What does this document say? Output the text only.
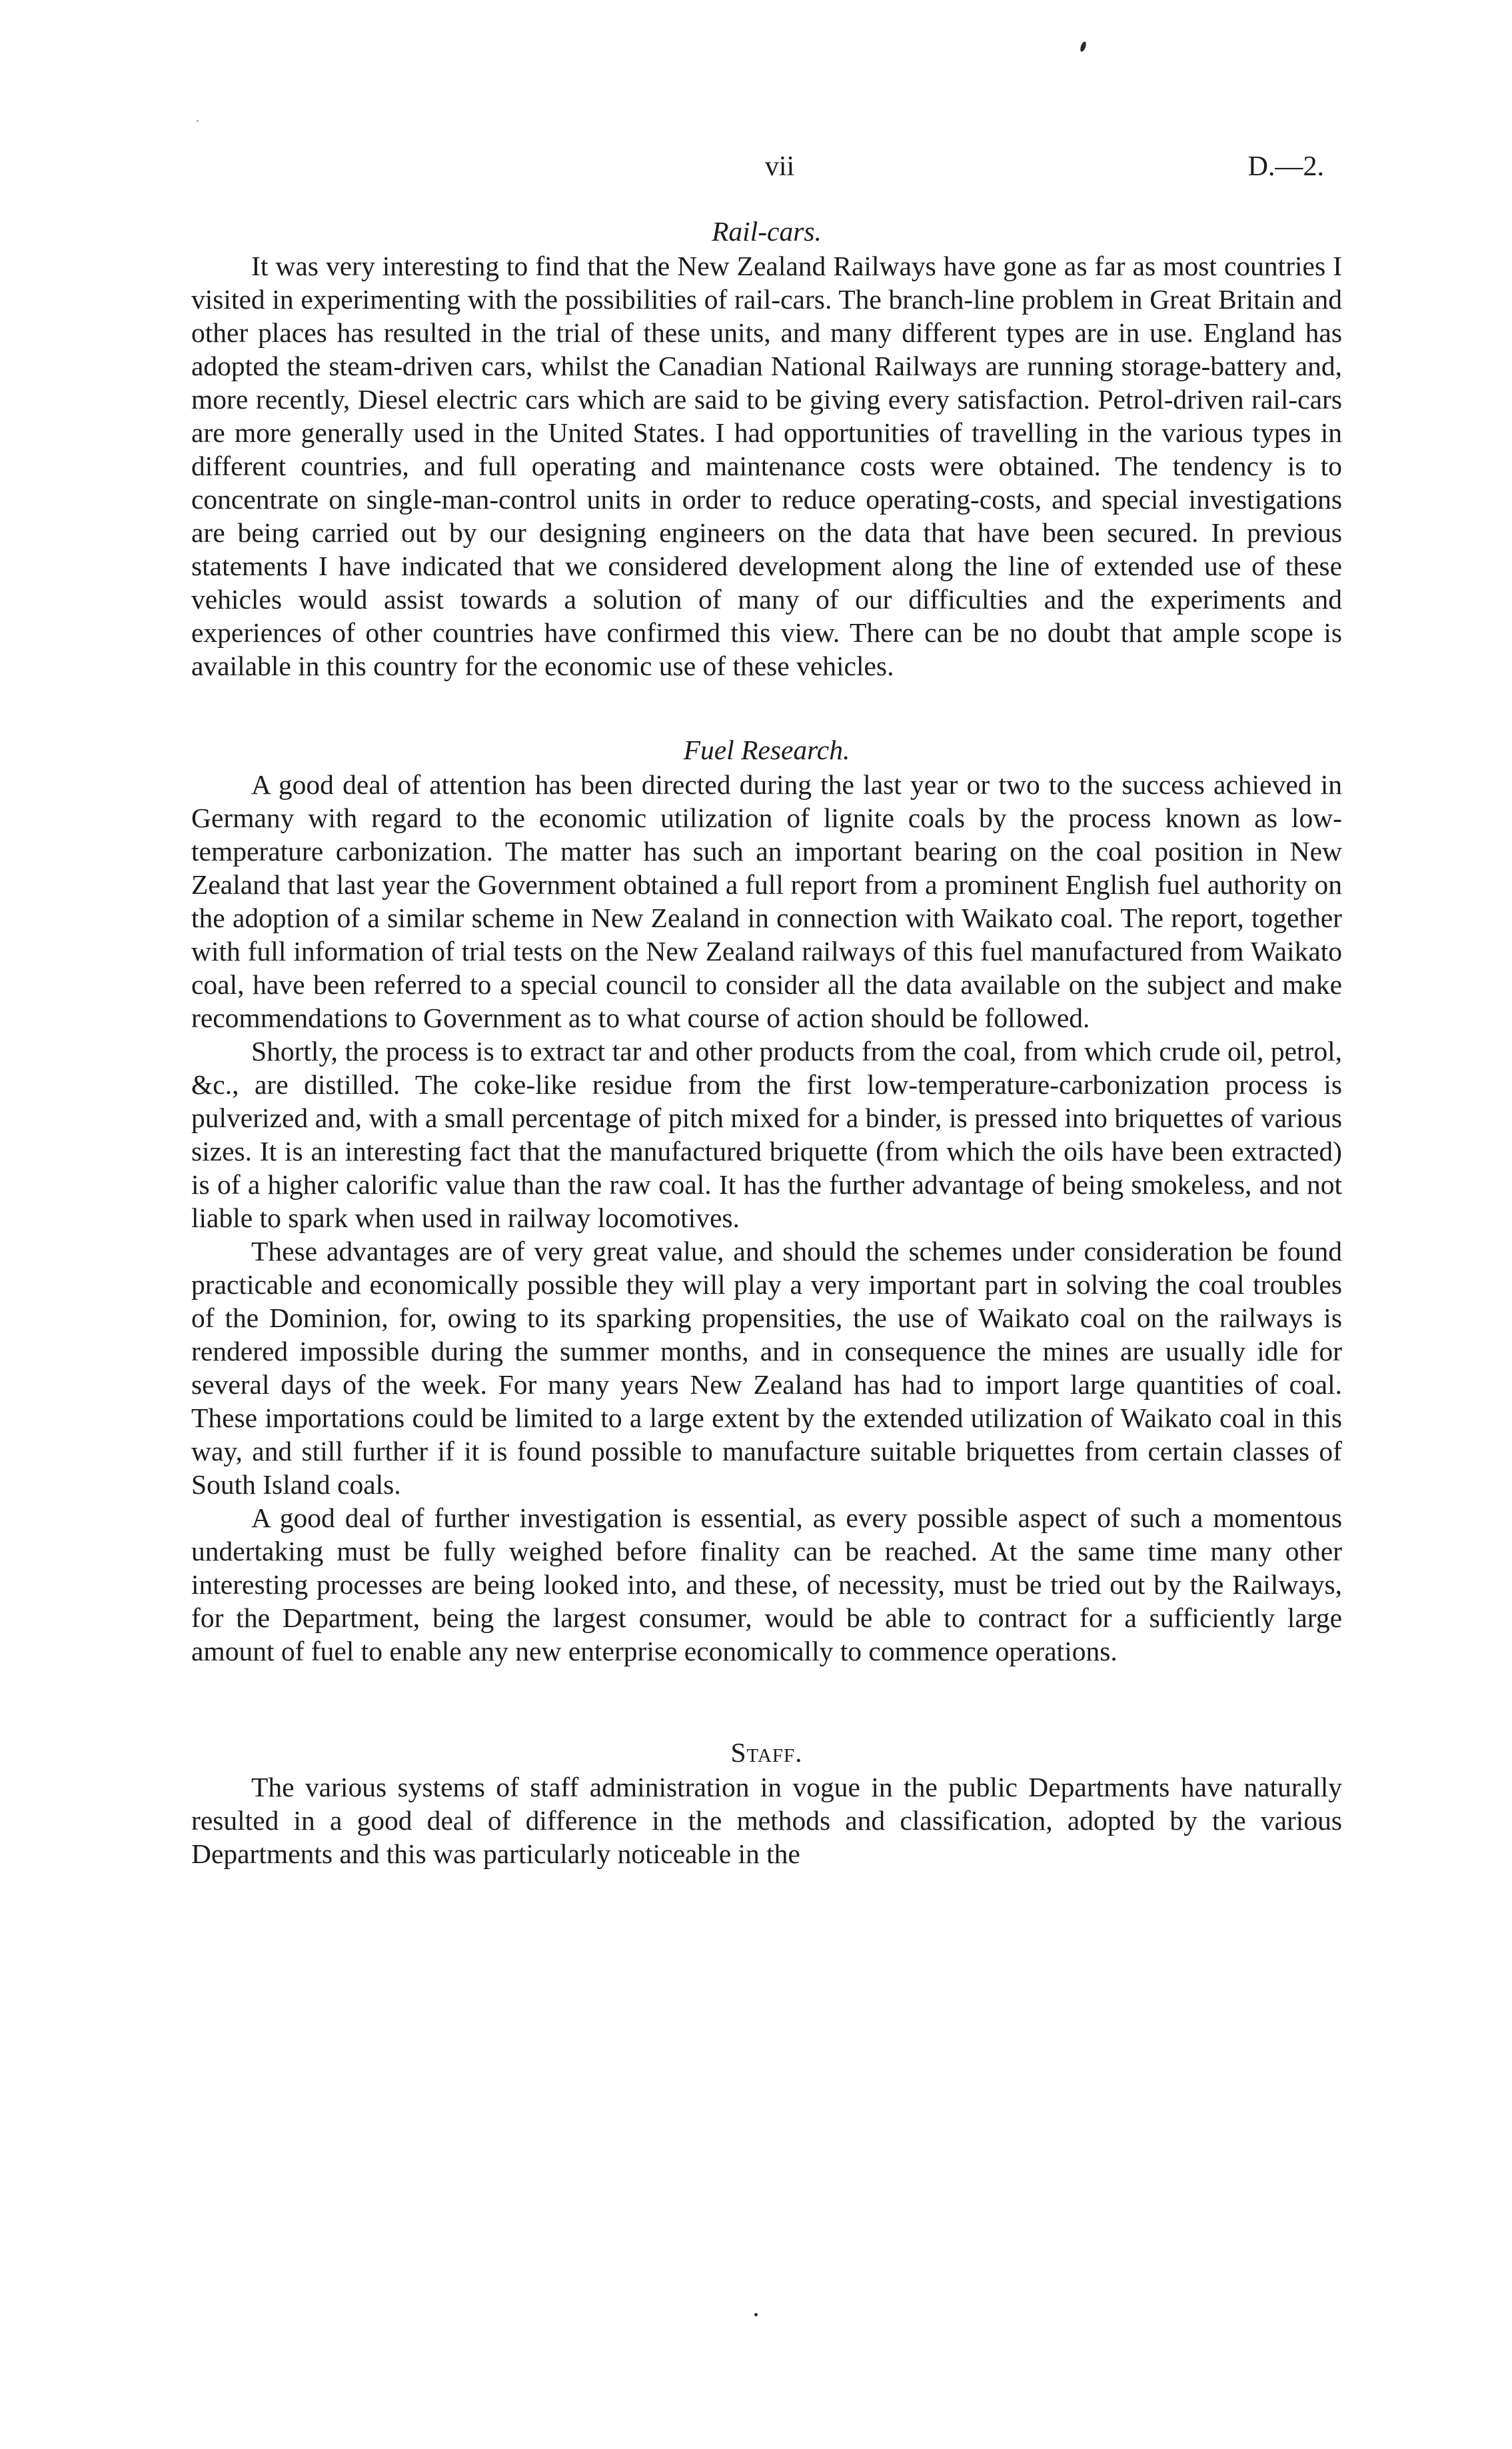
vii	D.—2.
Rail-cars.

It was very interesting to find that the New Zealand Railways have gone as far as most countries I visited in experimenting with the possibilities of rail-cars. The branch-line problem in Great Britain and other places has resulted in the trial of these units, and many different types are in use. England has adopted the steam-driven cars, whilst the Canadian National Railways are running storage-battery and, more recently, Diesel electric cars which are said to be giving every satisfaction. Petrol-driven rail-cars are more generally used in the United States. I had opportunities of travelling in the various types in different countries, and full operating and maintenance costs were obtained. The tendency is to concentrate on single-man-control units in order to reduce operating-costs, and special investigations are being carried out by our designing engineers on the data that have been secured. In previous statements I have indicated that we considered development along the line of extended use of these vehicles would assist towards a solution of many of our difficulties and the experiments and experiences of other countries have confirmed this view. There can be no doubt that ample scope is available in this country for the economic use of these vehicles.

Fuel Research.

A good deal of attention has been directed during the last year or two to the success achieved in Germany with regard to the economic utilization of lignite coals by the process known as low-temperature carbonization. The matter has such an important bearing on the coal position in New Zealand that last year the Government obtained a full report from a prominent English fuel authority on the adoption of a similar scheme in New Zealand in connection with Waikato coal. The report, together with full information of trial tests on the New Zealand railways of this fuel manufactured from Waikato coal, have been referred to a special council to consider all the data available on the subject and make recommendations to Government as to what course of action should be followed.

Shortly, the process is to extract tar and other products from the coal, from which crude oil, petrol, &c., are distilled. The coke-like residue from the first low-temperature-carbonization process is pulverized and, with a small percentage of pitch mixed for a binder, is pressed into briquettes of various sizes. It is an interesting fact that the manufactured briquette (from which the oils have been extracted) is of a higher calorific value than the raw coal. It has the further advantage of being smokeless, and not liable to spark when used in railway locomotives.

These advantages are of very great value, and should the schemes under consideration be found practicable and economically possible they will play a very important part in solving the coal troubles of the Dominion, for, owing to its sparking propensities, the use of Waikato coal on the railways is rendered impossible during the summer months, and in consequence the mines are usually idle for several days of the week. For many years New Zealand has had to import large quantities of coal. These importations could be limited to a large extent by the extended utilization of Waikato coal in this way, and still further if it is found possible to manufacture suitable briquettes from certain classes of South Island coals.

A good deal of further investigation is essential, as every possible aspect of such a momentous undertaking must be fully weighed before finality can be reached. At the same time many other interesting processes are being looked into, and these, of necessity, must be tried out by the Railways, for the Department, being the largest consumer, would be able to contract for a sufficiently large amount of fuel to enable any new enterprise economically to commence operations.

Staff.

The various systems of staff administration in vogue in the public Departments have naturally resulted in a good deal of difference in the methods and classification, adopted by the various Departments and this was particularly noticeable in the
